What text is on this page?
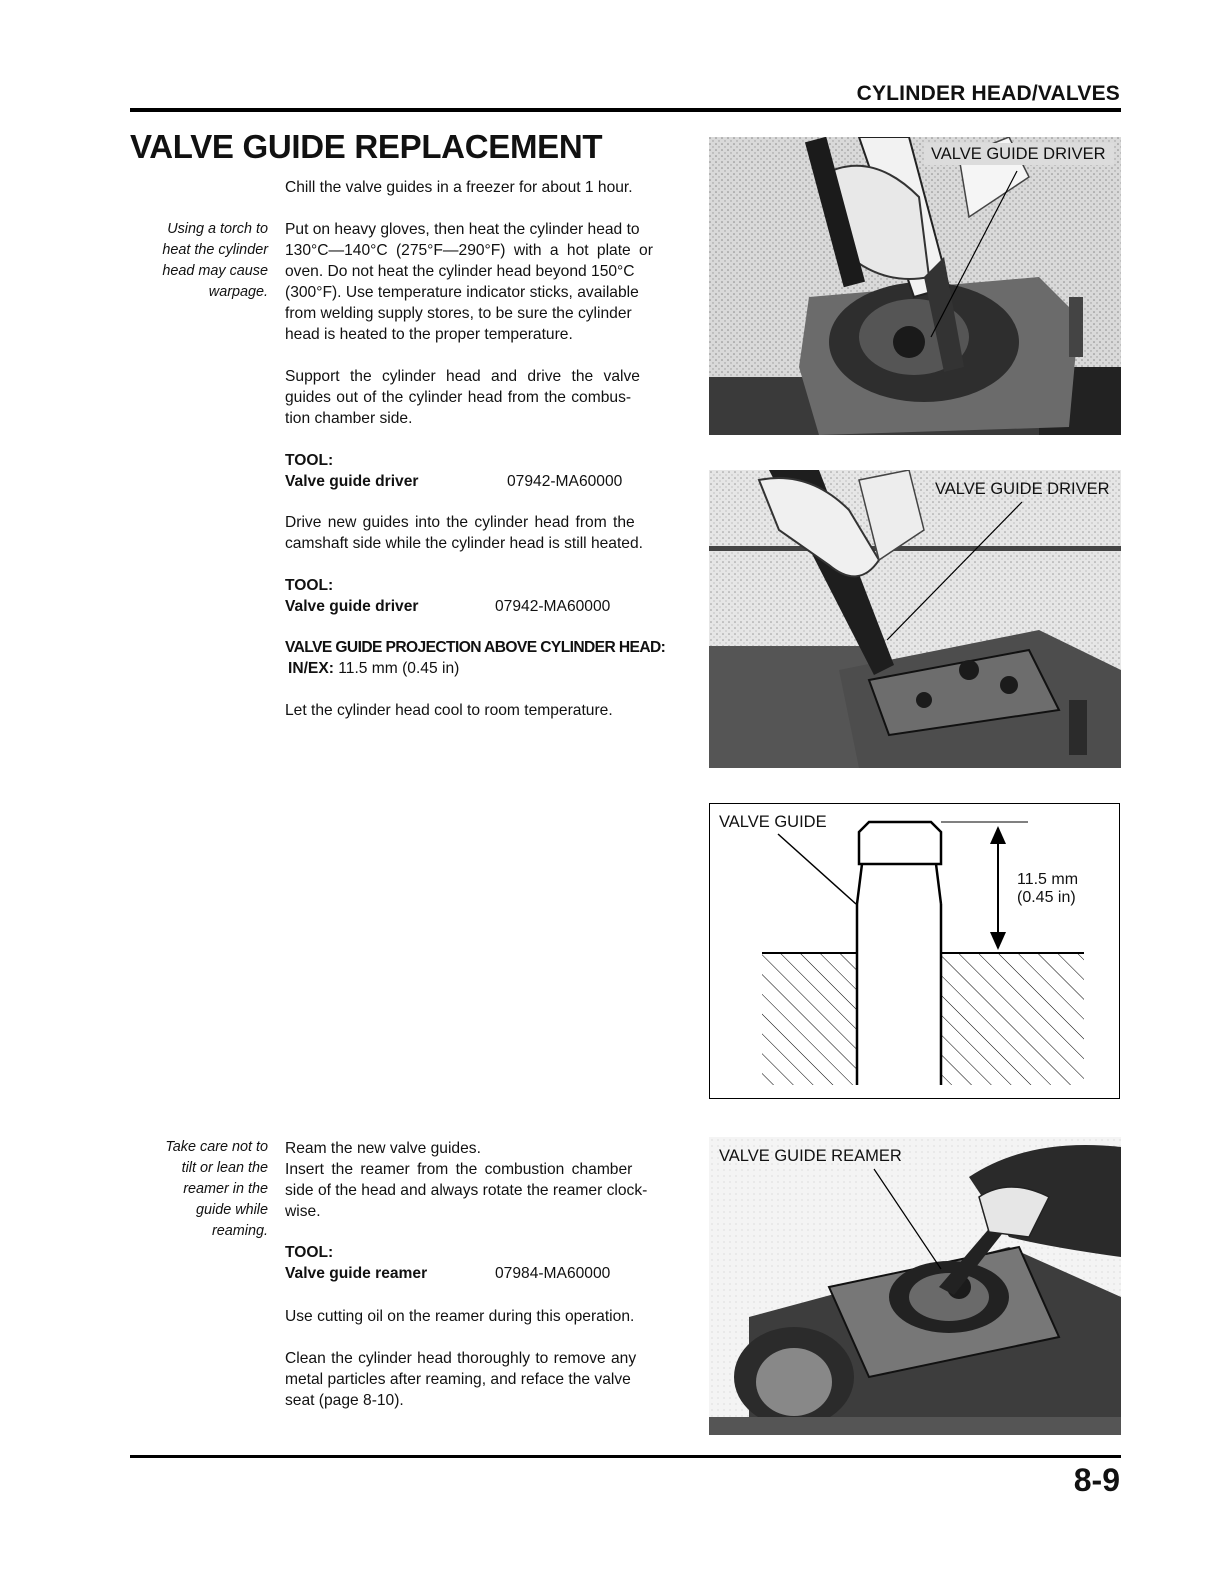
CYLINDER HEAD/VALVES
VALVE GUIDE REPLACEMENT
Using a torch to
heat the cylinder
head may cause
warpage.
Take care not to
tilt or lean the
reamer in the
guide while
reaming.
Chill the valve guides in a freezer for about 1 hour.
Put on heavy gloves, then heat the cylinder head to
130°C—140°C (275°F—290°F) with a hot plate or
oven. Do not heat the cylinder head beyond 150°C
(300°F). Use temperature indicator sticks, available
from welding supply stores, to be sure the cylinder
head is heated to the proper temperature.
Support the cylinder head and drive the valve
guides out of the cylinder head from the combus-
tion chamber side.
TOOL:
Valve guide driver	07942-MA60000
Drive new guides into the cylinder head from the
camshaft side while the cylinder head is still heated.
TOOL:
Valve guide driver	07942-MA60000
VALVE GUIDE PROJECTION ABOVE CYLINDER HEAD:
IN/EX: 11.5 mm (0.45 in)
Let the cylinder head cool to room temperature.
Ream the new valve guides.
Insert the reamer from the combustion chamber
side of the head and always rotate the reamer clock-
wise.
TOOL:
Valve guide reamer	07984-MA60000
Use cutting oil on the reamer during this operation.
Clean the cylinder head thoroughly to remove any
metal particles after reaming, and reface the valve
seat (page 8-10).
VALVE GUIDE DRIVER
VALVE GUIDE DRIVER
VALVE GUIDE
11.5 mm
(0.45 in)
VALVE GUIDE REAMER
8-9
